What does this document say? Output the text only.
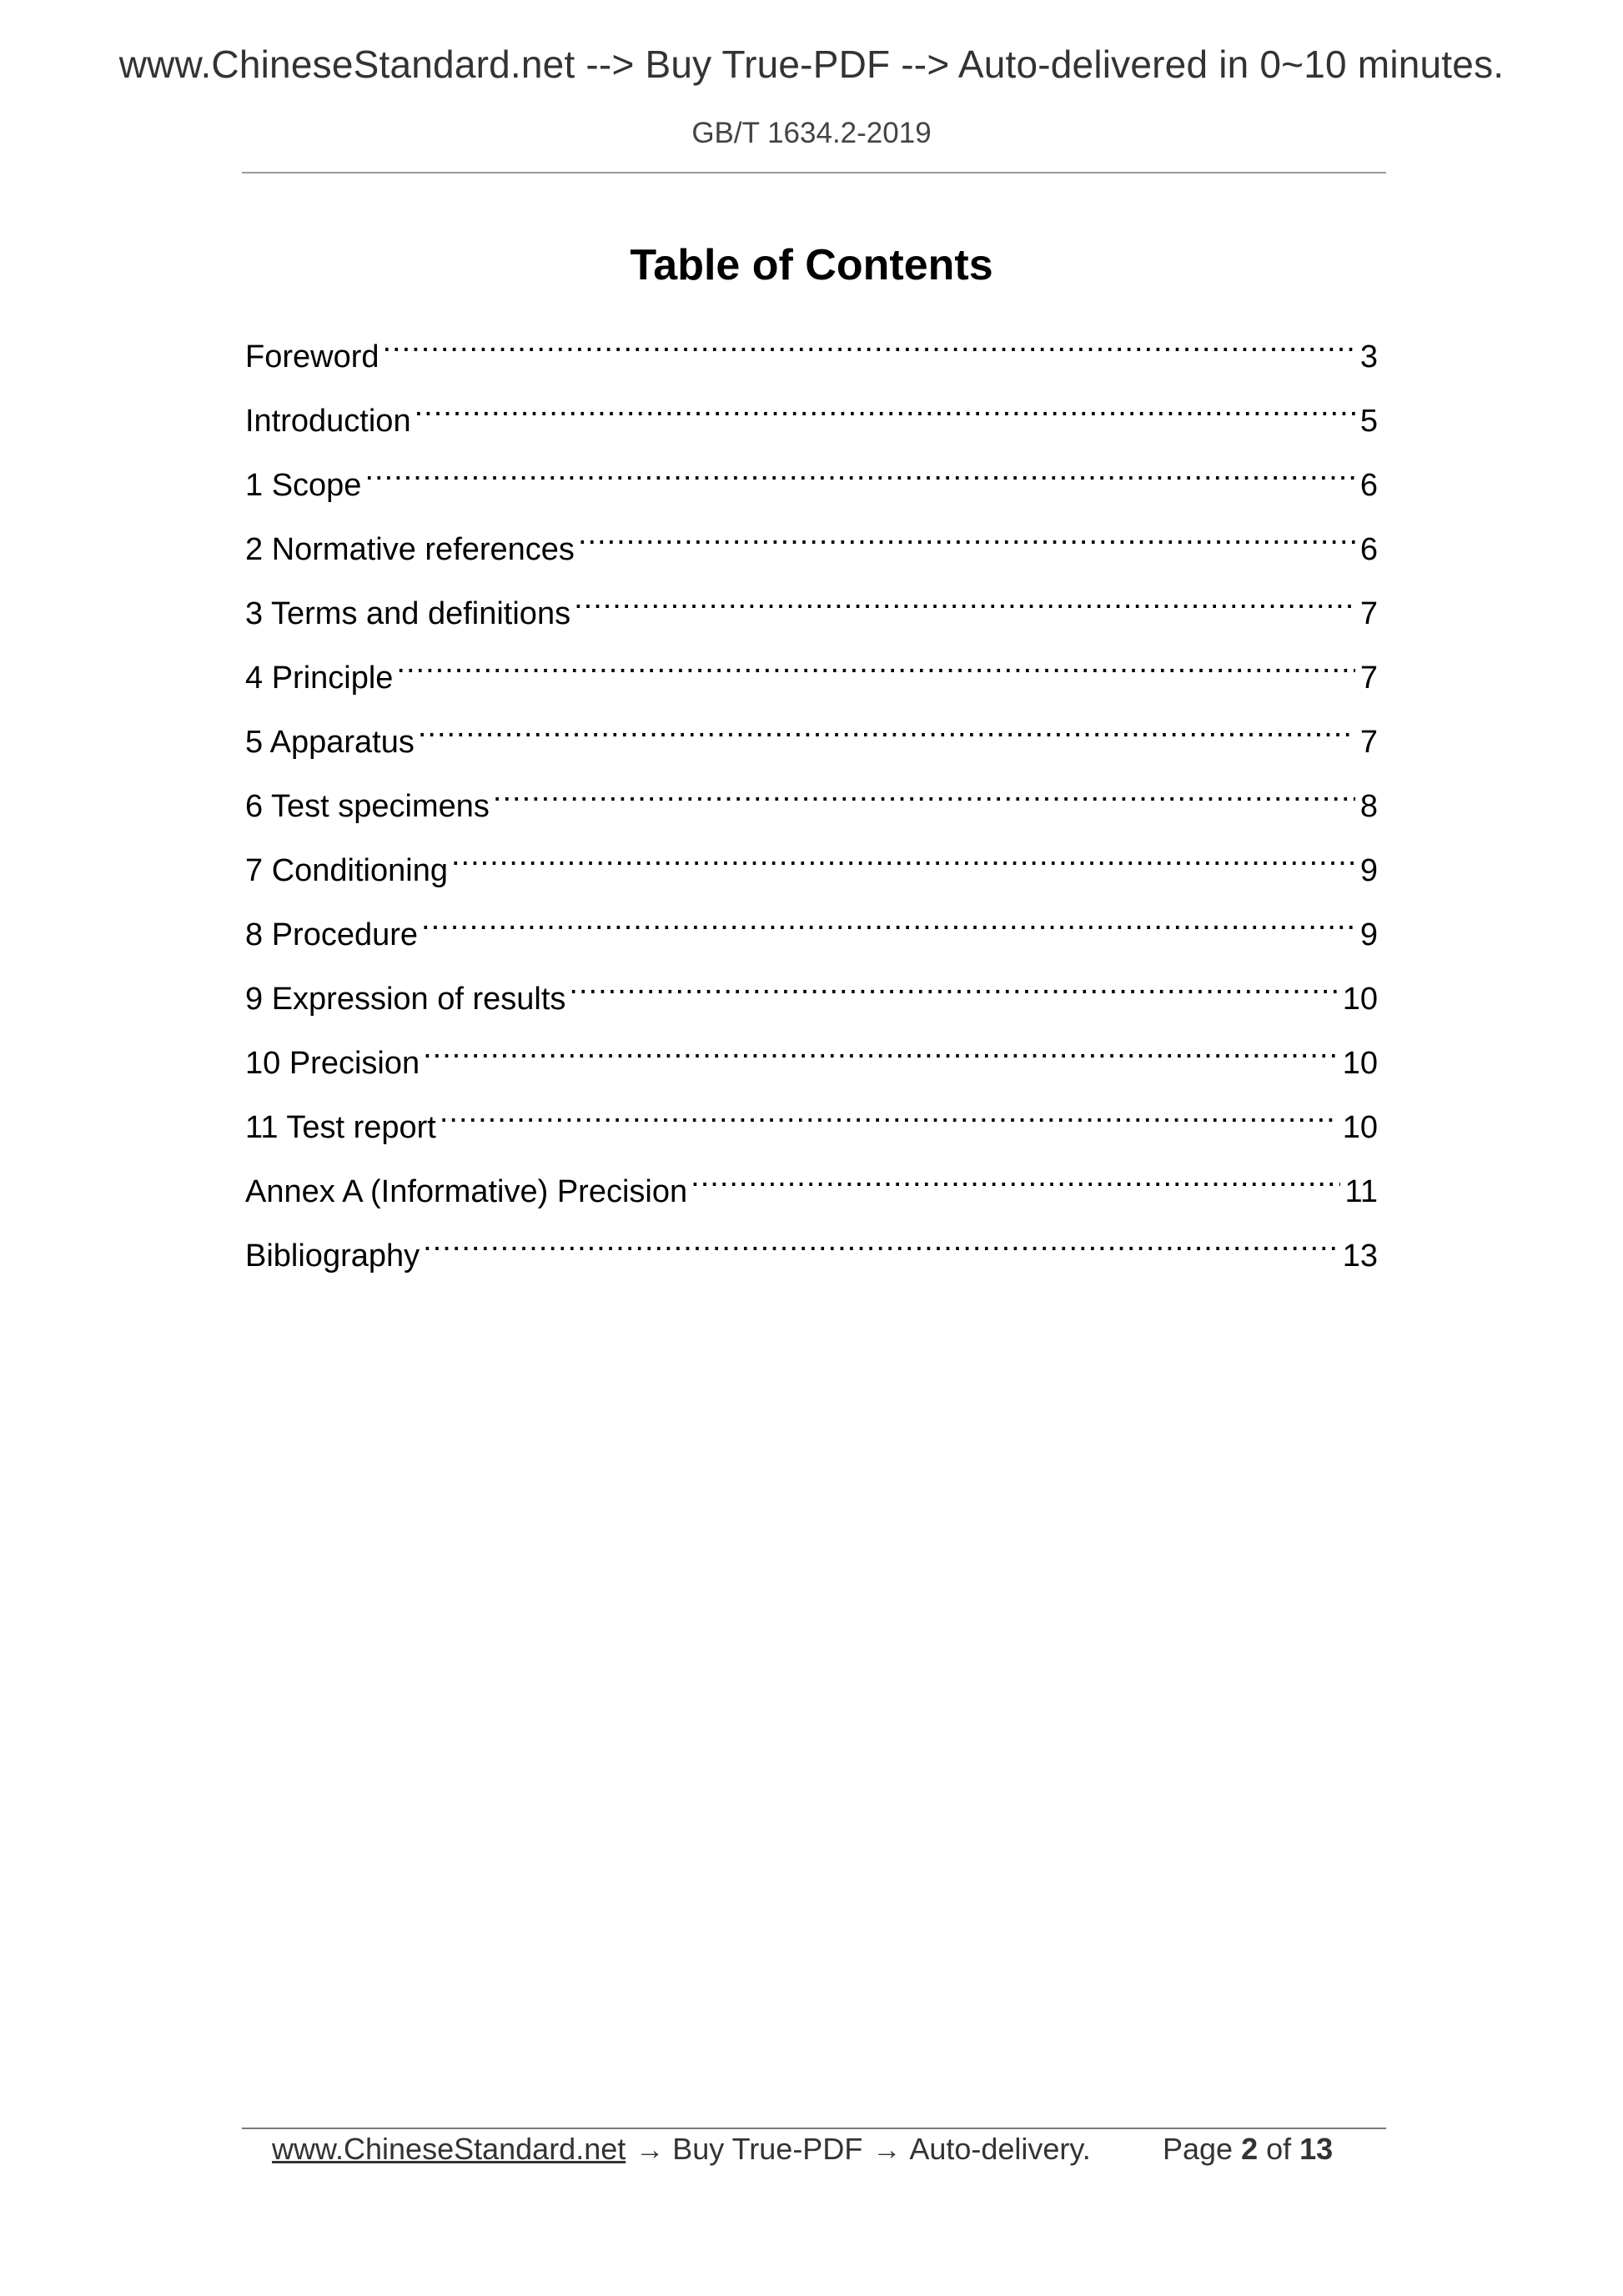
www.ChineseStandard.net --> Buy True-PDF --> Auto-delivered in 0~10 minutes.
GB/T 1634.2-2019
Table of Contents
Foreword .....	3
Introduction .....	5
1 Scope .....	6
2 Normative references .....	6
3 Terms and definitions .....	7
4 Principle .....	7
5 Apparatus .....	7
6 Test specimens .....	8
7 Conditioning .....	9
8 Procedure .....	9
9 Expression of results .....	10
10 Precision .....	10
11 Test report .....	10
Annex A (Informative) Precision .....	11
Bibliography .....	13
www.ChineseStandard.net → Buy True-PDF → Auto-delivery. Page 2 of 13
